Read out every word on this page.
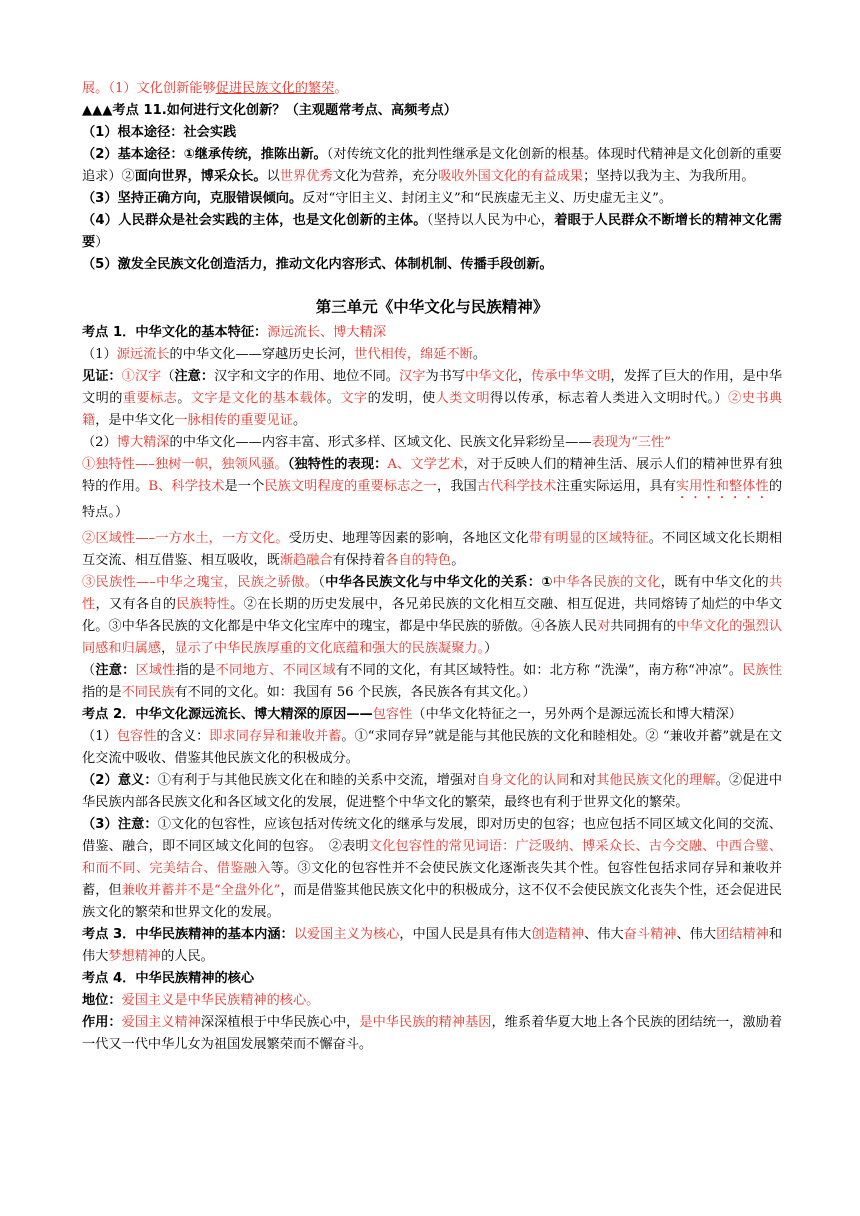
展。（1）文化创新能够促进民族文化的繁荣。

▲▲▲考点 11.如何进行文化创新？（主观题常考点、高频考点）

（1）根本途径：社会实践

（2）基本途径：①继承传统，推陈出新。（对传统文化的批判性继承是文化创新的根基。体现时代精神是文化创新的重要追求）②面向世界，博采众长。以世界优秀文化为营养，充分吸收外国文化的有益成果；坚持以我为主、为我所用。

（3）坚持正确方向，克服错误倾向。反对“守旧主义、封闭主义”和“民族虚无主义、历史虚无主义”。

（4）人民群众是社会实践的主体，也是文化创新的主体。（坚持以人民为中心，着眼于人民群众不断增长的精神文化需要）

（5）激发全民族文化创造活力，推动文化内容形式、体制机制、传播手段创新。

第三单元《中华文化与民族精神》

考点 1．中华文化的基本特征：源远流长、博大精深

（1）源远流长的中华文化——穿越历史长河，世代相传，绵延不断。

见证：①汉字（注意：汉字和文字的作用、地位不同。汉字为书写中华文化，传承中华文明，发挥了巨大的作用，是中华文明的重要标志。文字是文化的基本载体。文字的发明，使人类文明得以传承，标志着人类进入文明时代。）②史书典籍，是中华文化一脉相传的重要见证。

（2）博大精深的中华文化——内容丰富、形式多样、区域文化、民族文化异彩纷呈——表现为“三性”

①独特性—–独树一帜，独领风骚。（独特性的表现：A、文学艺术，对于反映人们的精神生活、展示人们的精神世界有独特的作用。B、科学技术是一个民族文明程度的重要标志之一，我国古代科学技术注重实际运用，具有实用性和整体性的特点。）

②区域性—–一方水土，一方文化。受历史、地理等因素的影响，各地区文化带有明显的区域特征。不同区域文化长期相互交流、相互借鉴、相互吸收，既渐趋融合有保持着各自的特色。

③民族性—–中华之瑰宝，民族之骄傲。（中华各民族文化与中华文化的关系：①中华各民族的文化，既有中华文化的共性，又有各自的民族特性。②在长期的历史发展中，各兄弟民族的文化相互交融、相互促进，共同熔铸了灿烂的中华文化。③中华各民族的文化都是中华文化宝库中的瑰宝，都是中华民族的骄傲。④各族人民对共同拥有的中华文化的强烈认同感和归属感，显示了中华民族厚重的文化底蕴和强大的民族凝聚力。）

（注意：区域性指的是不同地方、不同区域有不同的文化，有其区域特性。如：北方称 “洗澡”，南方称“冲凉”。民族性指的是不同民族有不同的文化。如：我国有 56 个民族，各民族各有其文化。）

考点 2．中华文化源远流长、博大精深的原因——包容性（中华文化特征之一，另外两个是源远流长和博大精深）

（1）包容性的含义：即求同存异和兼收并蓄。①“求同存异”就是能与其他民族的文化和睦相处。② “兼收并蓄”就是在文化交流中吸收、借鉴其他民族文化的积极成分。

（2）意义：①有利于与其他民族文化在和睦的关系中交流，增强对自身文化的认同和对其他民族文化的理解。②促进中华民族内部各民族文化和各区域文化的发展，促进整个中华文化的繁荣，最终也有利于世界文化的繁荣。

（3）注意：①文化的包容性，应该包括对传统文化的继承与发展，即对历史的包容；也应包括不同区域文化间的交流、借鉴、融合，即不同区域文化间的包容。　②表明文化包容性的常见词语：广泛吸纳、博采众长、古今交融、中西合璧、和而不同、完美结合、借鉴融入等。③文化的包容性并不会使民族文化逐渐丧失其个性。包容性包括求同存异和兼收并蓄，但兼收并蓄并不是“全盘外化”，而是借鉴其他民族文化中的积极成分，这不仅不会使民族文化丧失个性，还会促进民族文化的繁荣和世界文化的发展。

考点 3．中华民族精神的基本内涵：以爱国主义为核心，中国人民是具有伟大创造精神、伟大奋斗精神、伟大团结精神和伟大梦想精神的人民。

考点 4．中华民族精神的核心

地位：爱国主义是中华民族精神的核心。

作用：爱国主义精神深深植根于中华民族心中，是中华民族的精神基因，维系着华夏大地上各个民族的团结统一，激励着一代又一代中华儿女为祖国发展繁荣而不懈奋斗。
